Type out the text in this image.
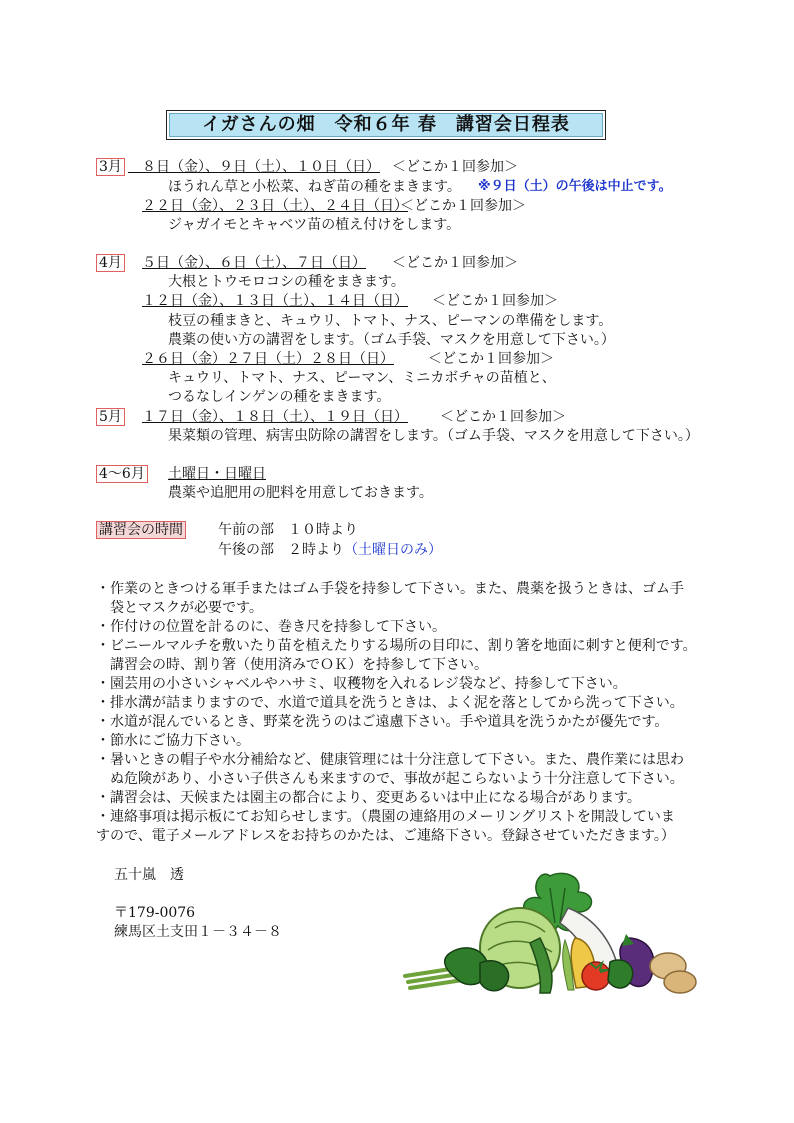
イガさんの畑　令和６年 春　講習会日程表
3月 　８日（金）、９日（土）、１０日（日） ＜どこか１回参加＞
ほうれん草と小松菜、ねぎ苗の種をまきます。 ※９日（土）の午後は中止です。
２２日（金）、２３日（土）、２４日（日）
＜どこか１回参加＞
ジャガイモとキャベツ苗の植え付けをします。
4月 ５日（金）、６日（土）、７日（日） ＜どこか１回参加＞
大根とトウモロコシの種をまきます。
１２日（金）、１３日（土）、１４日（日） ＜どこか１回参加＞
枝豆の種まきと、キュウリ、トマト、ナス、ピーマンの準備をします。
農薬の使い方の講習をします。（ゴム手袋、マスクを用意して下さい。）
２６日（金）２７日（土）２８日（日） ＜どこか１回参加＞
キュウリ、トマト、ナス、ピーマン、ミニカボチャの苗植と、
つるなしインゲンの種をまきます。
5月 １７日（金）、１８日（土）、１９日（日） ＜どこか１回参加＞
果菜類の管理、病害虫防除の講習をします。（ゴム手袋、マスクを用意して下さい。）
4～6月 土曜日・日曜日
農薬や追肥用の肥料を用意しておきます。
講習会の時間	午前の部　１０時より
午後の部　２時より（土曜日のみ）
・作業のときつける軍手またはゴム手袋を持参して下さい。また、農薬を扱うときは、ゴム手
　袋とマスクが必要です。
・作付けの位置を計るのに、巻き尺を持参して下さい。
・ビニールマルチを敷いたり苗を植えたりする場所の目印に、割り箸を地面に刺すと便利です。
　講習会の時、割り箸（使用済みでＯＫ）を持参して下さい。
・園芸用の小さいシャベルやハサミ、収穫物を入れるレジ袋など、持参して下さい。
・排水溝が詰まりますので、水道で道具を洗うときは、よく泥を落としてから洗って下さい。
・水道が混んでいるとき、野菜を洗うのはご遠慮下さい。手や道具を洗うかたが優先です。
・節水にご協力下さい。
・暑いときの帽子や水分補給など、健康管理には十分注意して下さい。また、農作業には思わ
　ぬ危険があり、小さい子供さんも来ますので、事故が起こらないよう十分注意して下さい。
・講習会は、天候または園主の都合により、変更あるいは中止になる場合があります。
・連絡事項は掲示板にてお知らせします。（農園の連絡用のメーリングリストを開設していま
すので、電子メールアドレスをお持ちのかたは、ご連絡下さい。登録させていただきます。）
五十嵐　透
〒179-0076
練馬区土支田１－３４－８
